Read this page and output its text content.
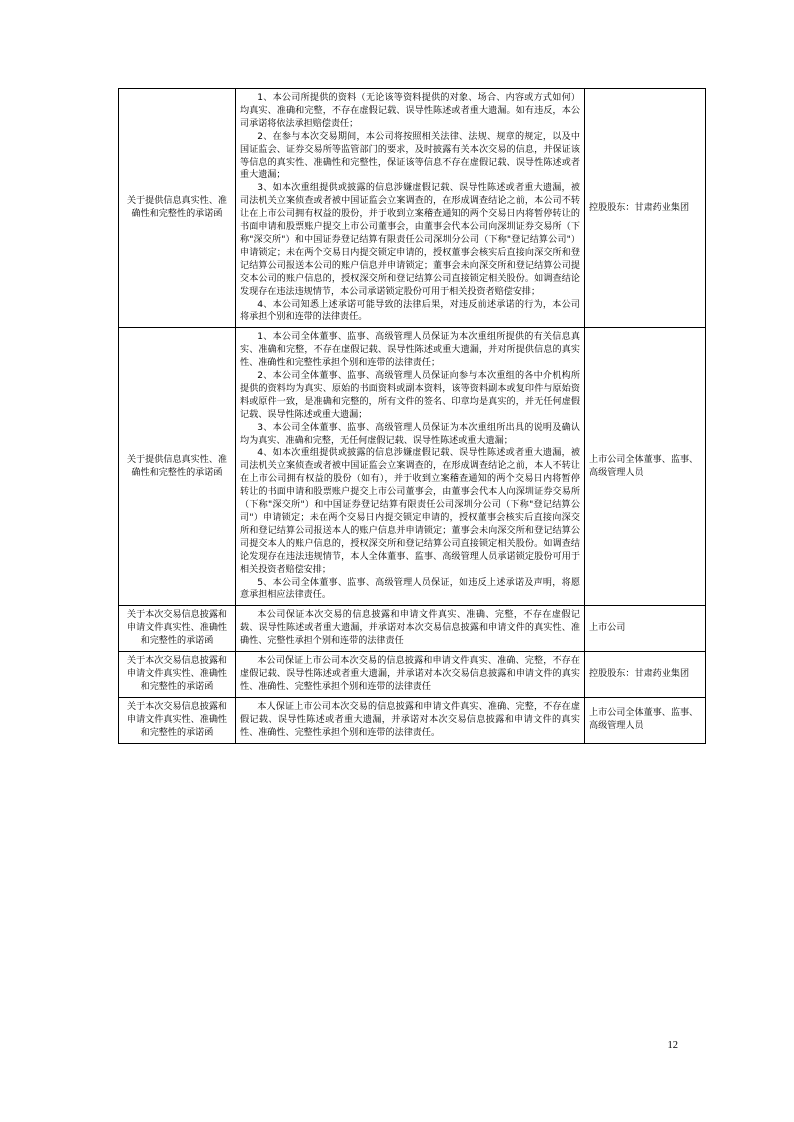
关于提供信息真实性、准确性和完整性的承诺函	1、本公司所提供的资料（无论该等资料提供的对象、场合、内容或方式如何）均真实、准确和完整，不存在虚假记载、误导性陈述或者重大遗漏。如有违反，本公司承诺将依法承担赔偿责任；

2、在参与本次交易期间，本公司将按照相关法律、法规、规章的规定，以及中国证监会、证券交易所等监管部门的要求，及时披露有关本次交易的信息，并保证该等信息的真实性、准确性和完整性，保证该等信息不存在虚假记载、误导性陈述或者重大遗漏；

3、如本次重组提供或披露的信息涉嫌虚假记载、误导性陈述或者重大遗漏，被司法机关立案侦查或者被中国证监会立案调查的，在形成调查结论之前，本公司不转让在上市公司拥有权益的股份，并于收到立案稽查通知的两个交易日内将暂停转让的书面申请和股票账户提交上市公司董事会，由董事会代本公司向深圳证券交易所（下称"深交所"）和中国证券登记结算有限责任公司深圳分公司（下称"登记结算公司"）申请锁定；未在两个交易日内提交锁定申请的，授权董事会核实后直接向深交所和登记结算公司报送本公司的账户信息并申请锁定；董事会未向深交所和登记结算公司提交本公司的账户信息的，授权深交所和登记结算公司直接锁定相关股份。如调查结论发现存在违法违规情节，本公司承诺锁定股份可用于相关投资者赔偿安排；

4、本公司知悉上述承诺可能导致的法律后果，对违反前述承诺的行为，本公司将承担个别和连带的法律责任。	控股股东：甘肃药业集团

关于提供信息真实性、准确性和完整性的承诺函	1、本公司全体董事、监事、高级管理人员保证为本次重组所提供的有关信息真实、准确和完整，不存在虚假记载、误导性陈述或重大遗漏，并对所提供信息的真实性、准确性和完整性承担个别和连带的法律责任；

2、本公司全体董事、监事、高级管理人员保证向参与本次重组的各中介机构所提供的资料均为真实、原始的书面资料或副本资料，该等资料副本或复印件与原始资料或原件一致，是准确和完整的，所有文件的签名、印章均是真实的，并无任何虚假记载、误导性陈述或重大遗漏；

3、本公司全体董事、监事、高级管理人员保证为本次重组所出具的说明及确认均为真实、准确和完整，无任何虚假记载、误导性陈述或重大遗漏；

4、如本次重组提供或披露的信息涉嫌虚假记载、误导性陈述或者重大遗漏，被司法机关立案侦查或者被中国证监会立案调查的，在形成调查结论之前，本人不转让在上市公司拥有权益的股份（如有），并于收到立案稽查通知的两个交易日内将暂停转让的书面申请和股票账户提交上市公司董事会，由董事会代本人向深圳证券交易所（下称"深交所"）和中国证券登记结算有限责任公司深圳分公司（下称"登记结算公司"）申请锁定；未在两个交易日内提交锁定申请的，授权董事会核实后直接向深交所和登记结算公司报送本人的账户信息并申请锁定；董事会未向深交所和登记结算公司提交本人的账户信息的，授权深交所和登记结算公司直接锁定相关股份。如调查结论发现存在违法违规情节，本人全体董事、监事、高级管理人员承诺锁定股份可用于相关投资者赔偿安排；

5、本公司全体董事、监事、高级管理人员保证，如违反上述承诺及声明，将愿意承担相应法律责任。	上市公司全体董事、监事、高级管理人员

关于本次交易信息披露和申请文件真实性、准确性和完整性的承诺函	本公司保证本次交易的信息披露和申请文件真实、准确、完整，不存在虚假记载、误导性陈述或者重大遗漏，并承诺对本次交易信息披露和申请文件的真实性、准确性、完整性承担个别和连带的法律责任	上市公司

关于本次交易信息披露和申请文件真实性、准确性和完整性的承诺函	本公司保证上市公司本次交易的信息披露和申请文件真实、准确、完整，不存在虚假记载、误导性陈述或者重大遗漏，并承诺对本次交易信息披露和申请文件的真实性、准确性、完整性承担个别和连带的法律责任	控股股东：甘肃药业集团

关于本次交易信息披露和申请文件真实性、准确性和完整性的承诺函	本人保证上市公司本次交易的信息披露和申请文件真实、准确、完整，不存在虚假记载、误导性陈述或者重大遗漏，并承诺对本次交易信息披露和申请文件的真实性、准确性、完整性承担个别和连带的法律责任。	上市公司全体董事、监事、高级管理人员
12
